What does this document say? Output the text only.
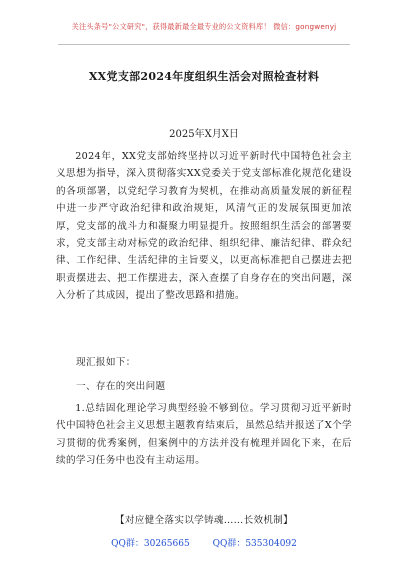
关注头条号"公文研究"，获得最新最全最专业的公文资料库！ 微信：gongwenyj
XX党支部2024年度组织生活会对照检查材料
2025年X月X日

2024年，XX党支部始终坚持以习近平新时代中国特色社会主义思想为指导，深入贯彻落实XX党委关于党支部标准化规范化建设的各项部署，以党纪学习教育为契机，在推动高质量发展的新征程中进一步严守政治纪律和政治规矩，风清气正的发展氛围更加浓厚，党支部的战斗力和凝聚力明显提升。按照组织生活会的部署要求，党支部主动对标党的政治纪律、组织纪律、廉洁纪律、群众纪律、工作纪律、生活纪律的主旨要义，以更高标准把自己摆进去把职责摆进去、把工作摆进去，深入查摆了自身存在的突出问题，深入分析了其成因，提出了整改思路和措施。

现汇报如下：
一、存在的突出问题

1.总结固化理论学习典型经验不够到位。学习贯彻习近平新时代中国特色社会主义思想主题教育结束后，虽然总结并报送了X个学习贯彻的优秀案例，但案例中的方法并没有梳理并固化下来，在后续的学习任务中也没有主动运用。

【对应健全落实以学铸魂……长效机制】
QQ群：30265665	QQ群：535304092
